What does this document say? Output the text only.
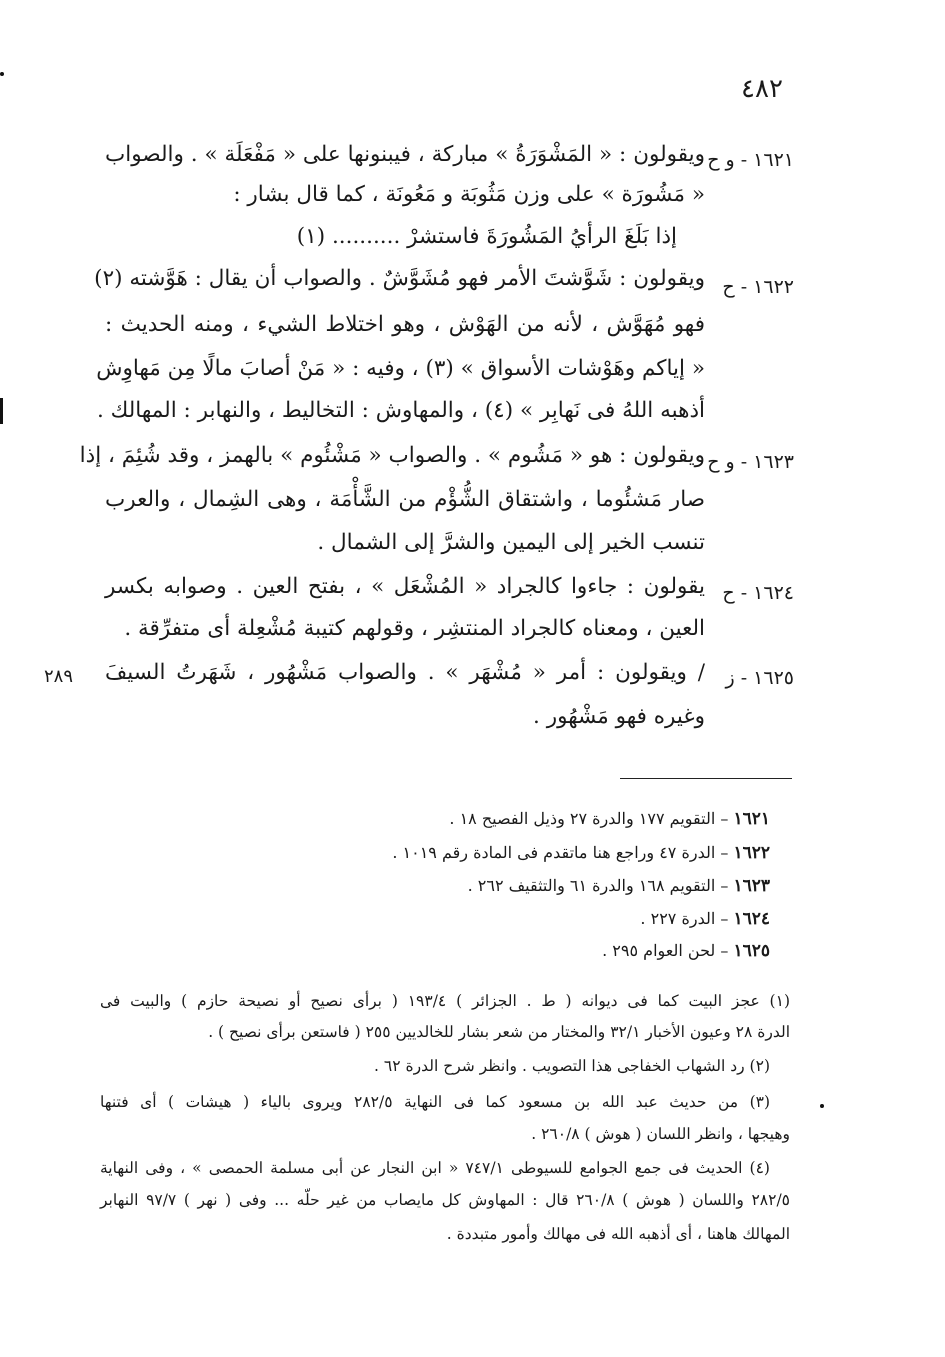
٤٨٢
١٦٢١ - و ح
ويقولون : « المَشْوَرَةُ » مباركة ، فيبنونها على « مَفْعَلَة » . والصواب
« مَشُورَة » على وزن مَثُوبَة و مَعُونَة ، كما قال بشار :
إذا بَلَغَ الرأيُ المَشُورَةَ فاستشرْ .......... (١)
١٦٢٢ - ح
ويقولون : شَوَّشتَ الأمر فهو مُشَوَّشٌ . والصواب أن يقال : هَوَّشته (٢)
فهو مُهَوَّش ، لأنه من الهَوْش ، وهو اختلاط الشيء ، ومنه الحديث :
« إياكم وهَوْشات الأسواق » (٣) ، وفيه : « مَنْ أصابَ مالًا مِن مَهاوِش
أذهبه اللهُ فى نَهابِر » (٤) ، والمهاوش : التخاليط ، والنهابر : المهالك .
١٦٢٣ - و ح
ويقولون : هو « مَشُوم » . والصواب « مَشْئُوم » بالهمز ، وقد شُئِمَ ، إذا
صار مَشئُوما ، واشتقاق الشُّؤْم من الشَّأْمَة ، وهى الشِمال ، والعرب
تنسب الخير إلى اليمين والشرَّ إلى الشمال .
١٦٢٤ - ح
يقولون : جاءوا كالجراد « المُشْعَل » ، بفتح العين . وصوابه بكسر
العين ، ومعناه كالجراد المنتشِر ، وقولهم كتيبة مُشْعِلة أى متفرِّقة .
٢٨٩	١٦٢٥ - ز
/ ويقولون : أمر « مُشْهَر » . والصواب مَشْهُور ، شَهَرتُ السيفَ
وغيره فهو مَشْهُور .
١٦٢١ – التقويم ١٧٧ والدرة ٢٧ وذيل الفصيح ١٨ .
١٦٢٢ – الدرة ٤٧ وراجع هنا ماتقدم فى المادة رقم ١٠١٩ .
١٦٢٣ – التقويم ١٦٨ والدرة ٦١ والتثقيف ٢٦٢ .
١٦٢٤ – الدرة ٢٢٧ .
١٦٢٥ – لحن العوام ٢٩٥ .
(١) عجز البيت كما فى ديوانه ( ط . الجزائر ) ١٩٣/٤ ( برأى نصيح أو نصيحة حازم ) والبيت فى
الدرة ٢٨ وعيون الأخبار ٣٢/١ والمختار من شعر بشار للخالديين ٢٥٥ ( فاستعن برأى نصيح ) .
(٢) رد الشهاب الخفاجى هذا التصويب . وانظر شرح الدرة ٦٢ .
(٣) من حديث عبد الله بن مسعود كما فى النهاية ٢٨٢/٥ ويروى بالياء ( هيشات ) أى فتنها
وهيجها ، وانظر اللسان ( هوش ) ٢٦٠/٨ .
(٤) الحديث فى جمع الجوامع للسيوطى ٧٤٧/١ « ابن النجار عن أبى مسلمة الحمصى » ، وفى النهاية
٢٨٢/٥ واللسان ( هوش ) ٢٦٠/٨ قال : المهاوش كل مايصاب من غير حلّه ... وفى ( نهر ) ٩٧/٧ النهابر
المهالك هاهنا ، أى أذهبه الله فى مهالك وأمور متبددة .
